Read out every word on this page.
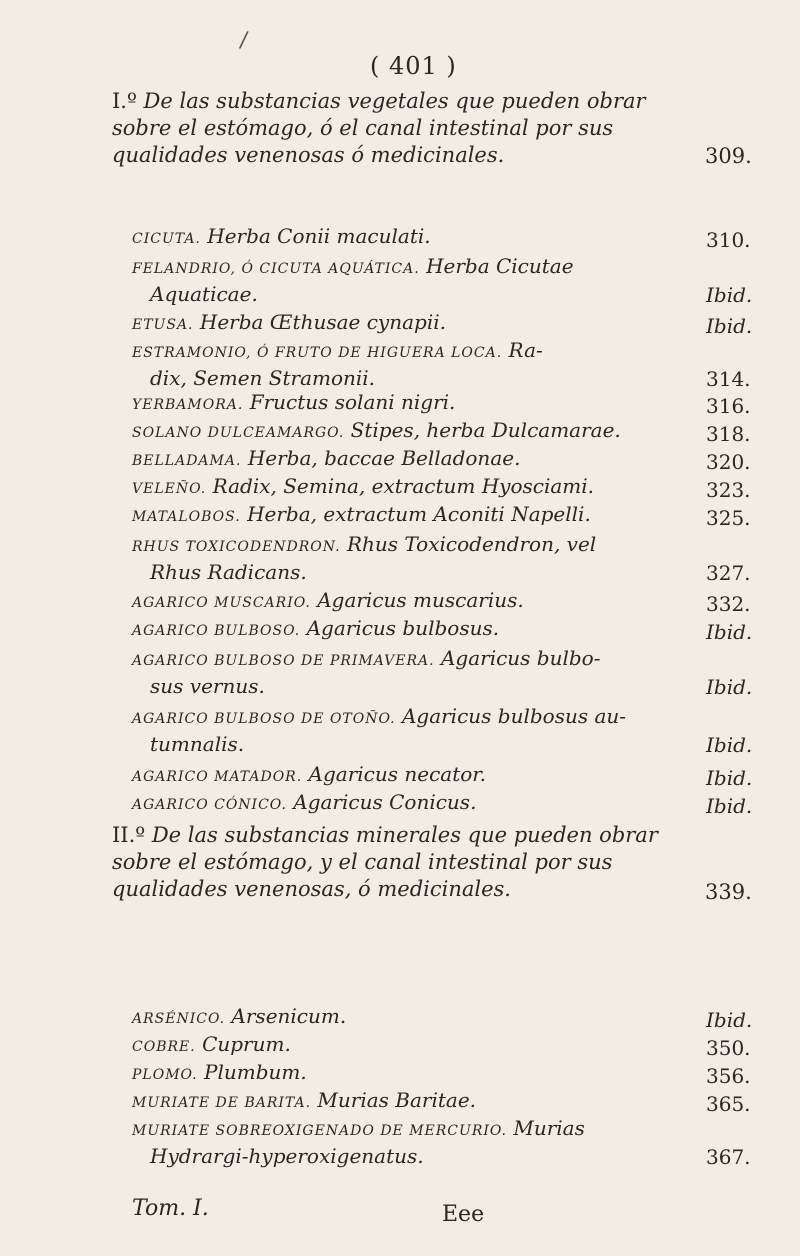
/
( 401 )
I.º De las substancias vegetales que pueden obrar sobre el estómago, ó el canal intestinal por sus qualidades venenosas ó medicinales.	309.
CICUTA. Herba Conii maculati.	310.
FELANDRIO, Ó CICUTA AQUÁTICA. Herba Cicutae
Aquaticae.	Ibid.
ETUSA. Herba Œthusae cynapii.	Ibid.
ESTRAMONIO, Ó FRUTO DE HIGUERA LOCA. Ra-
dix, Semen Stramonii.	314.
YERBAMORA. Fructus solani nigri.	316.
SOLANO DULCEAMARGO. Stipes, herba Dulcamarae.	318.
BELLADAMA. Herba, baccae Belladonae.	320.
VELEÑO. Radix, Semina, extractum Hyosciami.	323.
MATALOBOS. Herba, extractum Aconiti Napelli.	325.
RHUS TOXICODENDRON. Rhus Toxicodendron, vel
Rhus Radicans.	327.
AGARICO MUSCARIO. Agaricus muscarius.	332.
AGARICO BULBOSO. Agaricus bulbosus.	Ibid.
AGARICO BULBOSO DE PRIMAVERA. Agaricus bulbo-
sus vernus.	Ibid.
AGARICO BULBOSO DE OTOÑO. Agaricus bulbosus au-
tumnalis.	Ibid.
AGARICO MATADOR. Agaricus necator.	Ibid.
AGARICO CÓNICO. Agaricus Conicus.	Ibid.
II.º De las substancias minerales que pueden obrar sobre el estómago, y el canal intestinal por sus qualidades venenosas, ó medicinales.	339.
ARSÉNICO. Arsenicum.	Ibid.
COBRE. Cuprum.	350.
PLOMO. Plumbum.	356.
MURIATE DE BARITA. Murias Baritae.	365.
MURIATE SOBREOXIGENADO DE MERCURIO. Murias
Hydrargi-hyperoxigenatus.	367.
Tom. I.	Eee
